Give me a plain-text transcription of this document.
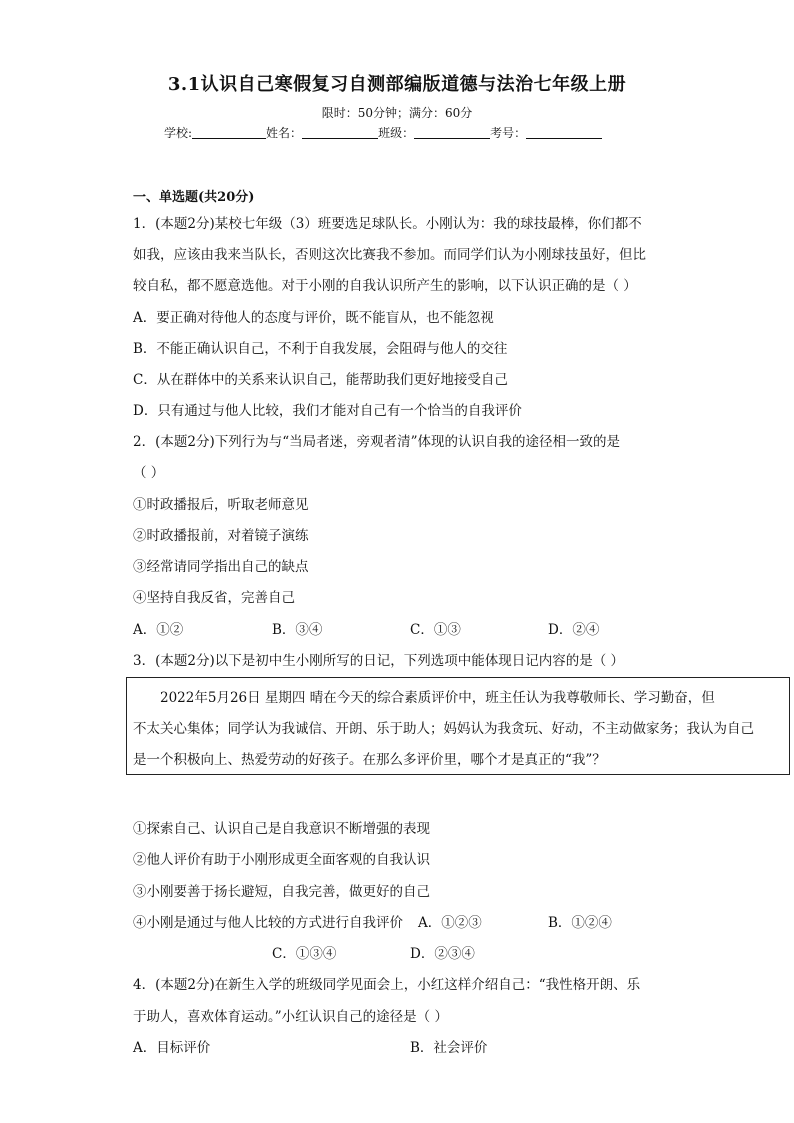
3.1认识自己寒假复习自测部编版道德与法治七年级上册
限时：50分钟；满分：60分
学校:	姓名：	班级：	考号：
一、单选题(共20分)
1．(本题2分)某校七年级（3）班要选足球队长。小刚认为：我的球技最棒，你们都不
如我，应该由我来当队长，否则这次比赛我不参加。而同学们认为小刚球技虽好，但比
较自私，都不愿意选他。对于小刚的自我认识所产生的影响，以下认识正确的是（ ）
A．要正确对待他人的态度与评价，既不能盲从，也不能忽视
B．不能正确认识自己，不利于自我发展，会阻碍与他人的交往
C．从在群体中的关系来认识自己，能帮助我们更好地接受自己
D．只有通过与他人比较，我们才能对自己有一个恰当的自我评价
2．(本题2分)下列行为与“当局者迷，旁观者清”体现的认识自我的途径相一致的是
（ ）
①时政播报后，听取老师意见
②时政播报前，对着镜子演练
③经常请同学指出自己的缺点
④坚持自我反省，完善自己
A．①②	B．③④	C．①③	D．②④
3．(本题2分)以下是初中生小刚所写的日记，下列选项中能体现日记内容的是（ ）
2022年5月26日 星期四 晴在今天的综合素质评价中，班主任认为我尊敬师长、学习勤奋，但
不太关心集体；同学认为我诚信、开朗、乐于助人；妈妈认为我贪玩、好动，不主动做家务；我认为自己
是一个积极向上、热爱劳动的好孩子。在那么多评价里，哪个才是真正的“我”？
①探索自己、认识自己是自我意识不断增强的表现
②他人评价有助于小刚形成更全面客观的自我认识
③小刚要善于扬长避短，自我完善，做更好的自己
④小刚是通过与他人比较的方式进行自我评价 A．①②③	B．①②④
C．①③④	D．②③④
4．(本题2分)在新生入学的班级同学见面会上，小红这样介绍自己：“我性格开朗、乐
于助人，喜欢体育运动。”小红认识自己的途径是（ ）
A．目标评价	B．社会评价
